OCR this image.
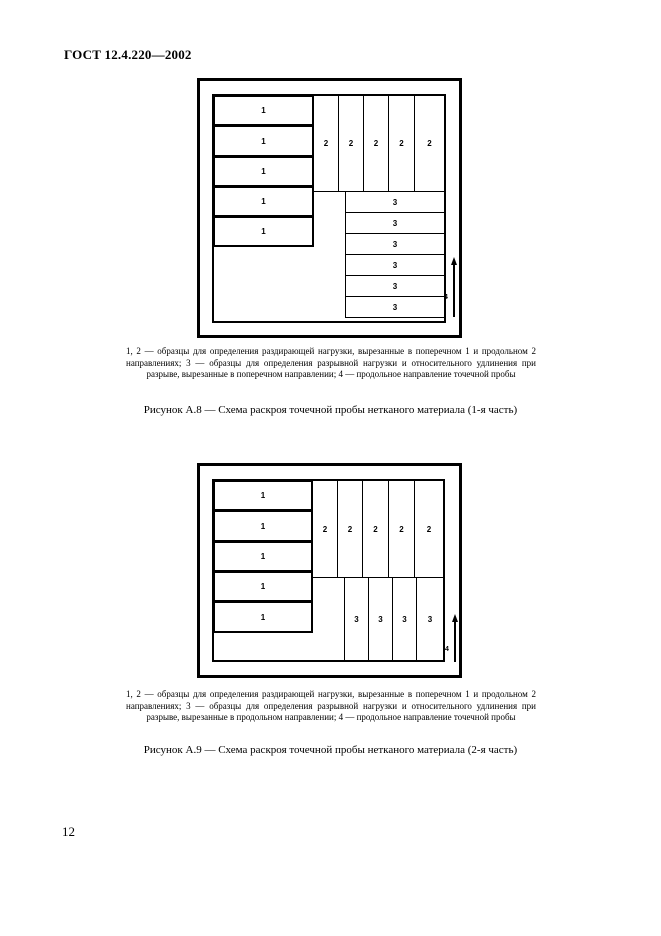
ГОСТ 12.4.220—2002
1
1
1
1
1
2	2	2	2	2
3
3
3
3
3
3
4
1, 2 — образцы для определения раздирающей нагрузки, вырезанные в поперечном 1 и продольном 2 направлениях; 3 — образцы для определения разрывной нагрузки и относительного удлинения при разрыве, вырезанные в поперечном направлении; 4 — продольное направление точечной пробы
Рисунок А.8 — Схема раскроя точечной пробы нетканого материала (1-я часть)
1
1
1
1
1
2	2	2	2	2
3	3	3	3
4
1, 2 — образцы для определения раздирающей нагрузки, вырезанные в поперечном 1 и продольном 2 направлениях; 3 — образцы для определения разрывной нагрузки и относительного удлинения при разрыве, вырезанные в продольном направлении; 4 — продольное направление точечной пробы
Рисунок А.9 — Схема раскроя точечной пробы нетканого материала (2-я часть)
12
